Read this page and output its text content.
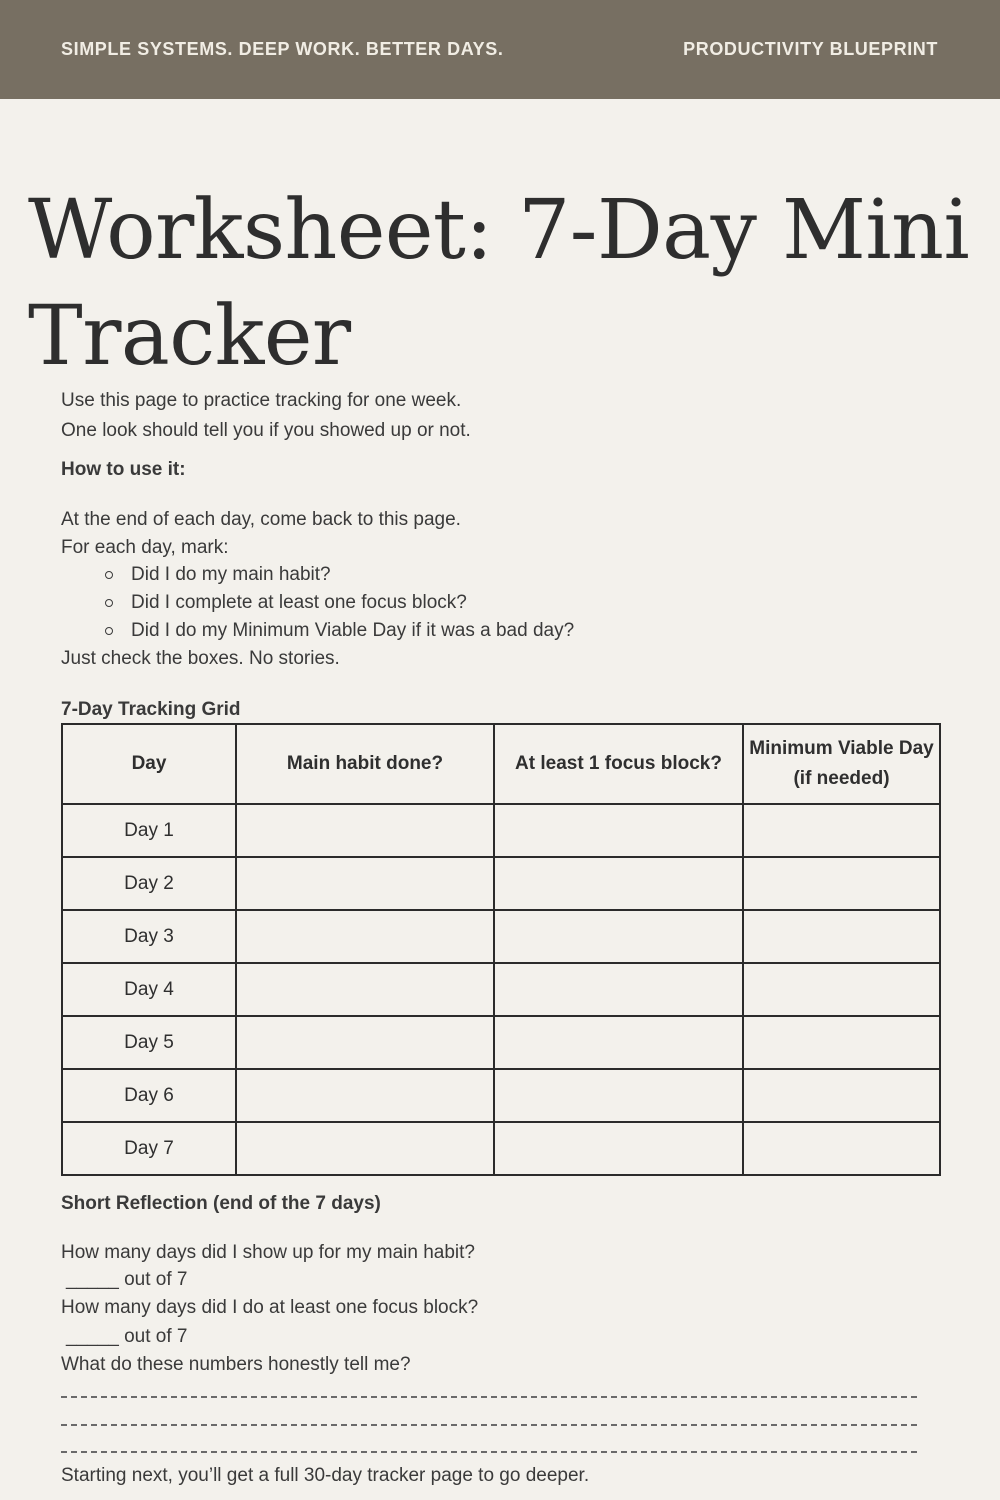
SIMPLE SYSTEMS. DEEP WORK. BETTER DAYS.	PRODUCTIVITY BLUEPRINT
Worksheet: 7-Day Mini Tracker
Use this page to practice tracking for one week.
One look should tell you if you showed up or not.
How to use it:
At the end of each day, come back to this page.
For each day, mark:
Did I do my main habit?
Did I complete at least one focus block?
Did I do my Minimum Viable Day if it was a bad day?
Just check the boxes. No stories.
7-Day Tracking Grid
Day	Main habit done?	At least 1 focus block?	Minimum Viable Day (if needed)
Day 1			
Day 2			
Day 3			
Day 4			
Day 5			
Day 6			
Day 7			
Short Reflection (end of the 7 days)
How many days did I show up for my main habit?
_____ out of 7
How many days did I do at least one focus block?
_____ out of 7
What do these numbers honestly tell me?
Starting next, you’ll get a full 30-day tracker page to go deeper.
